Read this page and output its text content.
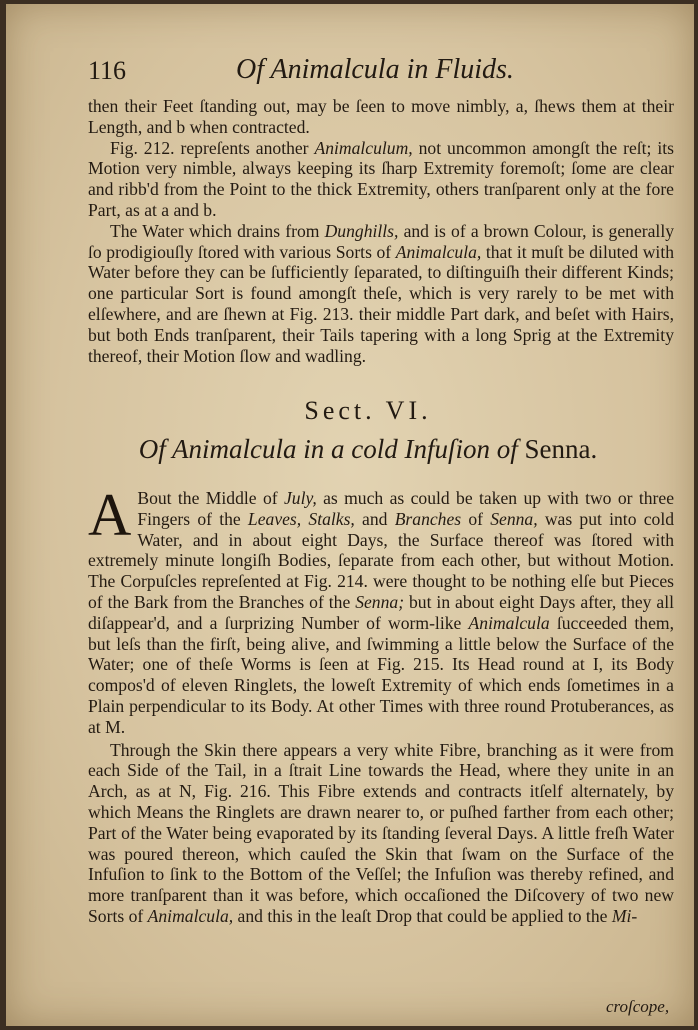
116	Of Animalcula in Fluids.

then their Feet ſtanding out, may be ſeen to move nimbly, a, ſhews them at their Length, and b when contracted.

Fig. 212. repreſents another Animalculum, not uncommon amongſt the reſt; its Motion very nimble, always keeping its ſharp Extremity foremoſt; ſome are clear and ribb'd from the Point to the thick Extremity, others tranſparent only at the fore Part, as at a and b.

The Water which drains from Dunghills, and is of a brown Colour, is generally ſo prodigiouſly ſtored with various Sorts of Animalcula, that it muſt be diluted with Water before they can be ſufficiently ſeparated, to diſtinguiſh their different Kinds; one particular Sort is found amongſt theſe, which is very rarely to be met with elſewhere, and are ſhewn at Fig. 213. their middle Part dark, and beſet with Hairs, but both Ends tranſparent, their Tails tapering with a long Sprig at the Extremity thereof, their Motion ſlow and wadling.

Sect. VI.
Of Animalcula in a cold Infuſion of Senna.

A Bout the Middle of July, as much as could be taken up with two or three Fingers of the Leaves, Stalks, and Branches of Senna, was put into cold Water, and in about eight Days, the Surface thereof was ſtored with extremely minute longiſh Bodies, ſeparate from each other, but without Motion. The Corpuſcles repreſented at Fig. 214. were thought to be nothing elſe but Pieces of the Bark from the Branches of the Senna; but in about eight Days after, they all diſappear'd, and a ſurprizing Number of worm-like Animalcula ſucceeded them, but leſs than the firſt, being alive, and ſwimming a little below the Surface of the Water; one of theſe Worms is ſeen at Fig. 215. Its Head round at I, its Body compos'd of eleven Ringlets, the loweſt Extremity of which ends ſometimes in a Plain perpendicular to its Body. At other Times with three round Protuberances, as at M.

Through the Skin there appears a very white Fibre, branching as it were from each Side of the Tail, in a ſtrait Line towards the Head, where they unite in an Arch, as at N, Fig. 216. This Fibre extends and contracts itſelf alternately, by which Means the Ringlets are drawn nearer to, or puſhed farther from each other; Part of the Water being evaporated by its ſtanding ſeveral Days. A little freſh Water was poured thereon, which cauſed the Skin that ſwam on the Surface of the Infuſion to ſink to the Bottom of the Veſſel; the Infuſion was thereby refined, and more tranſparent than it was before, which occaſioned the Diſcovery of two new Sorts of Animalcula, and this in the leaſt Drop that could be applied to the Mi-

croſcope,
